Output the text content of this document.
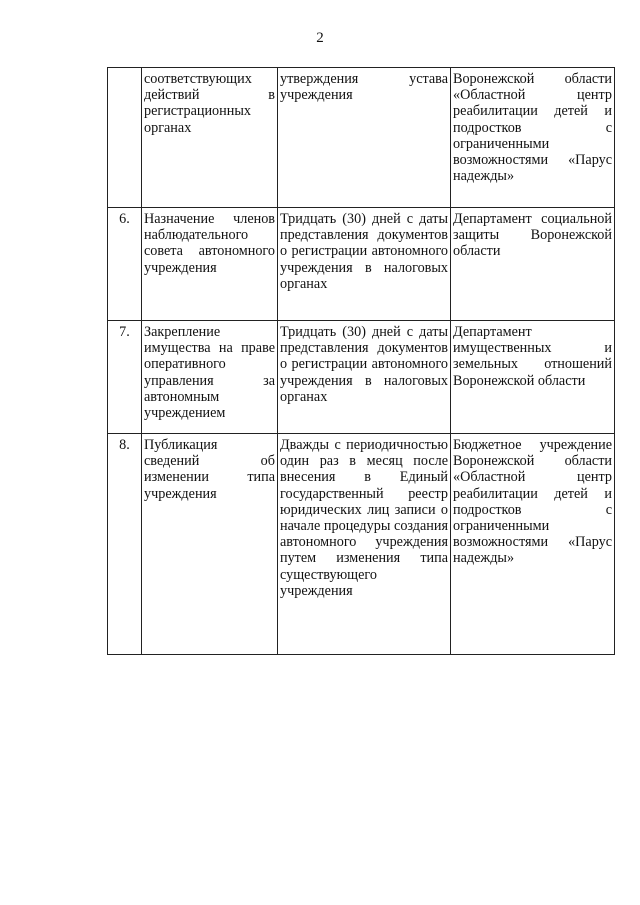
2
	соответствующих действий в регистрационных органах	утверждения устава учреждения	Воронежской области «Областной центр реабилитации детей и подростков с ограниченными возможностями «Парус надежды»
6.	Назначение членов наблюдательного совета автономного учреждения	Тридцать (30) дней с даты представления документов о регистрации автономного учреждения в налоговых органах	Департамент социальной защиты Воронежской области
7.	Закрепление имущества на праве оперативного управления за автономным учреждением	Тридцать (30) дней с даты представления документов о регистрации автономного учреждения в налоговых органах	Департамент имущественных и земельных отношений Воронежской области
8.	Публикация сведений об изменении типа учреждения	Дважды с периодичностью один раз в месяц после внесения в Единый государственный реестр юридических лиц записи о начале процедуры создания автономного учреждения путем изменения типа существующего учреждения	Бюджетное учреждение Воронежской области «Областной центр реабилитации детей и подростков с ограниченными возможностями «Парус надежды»
